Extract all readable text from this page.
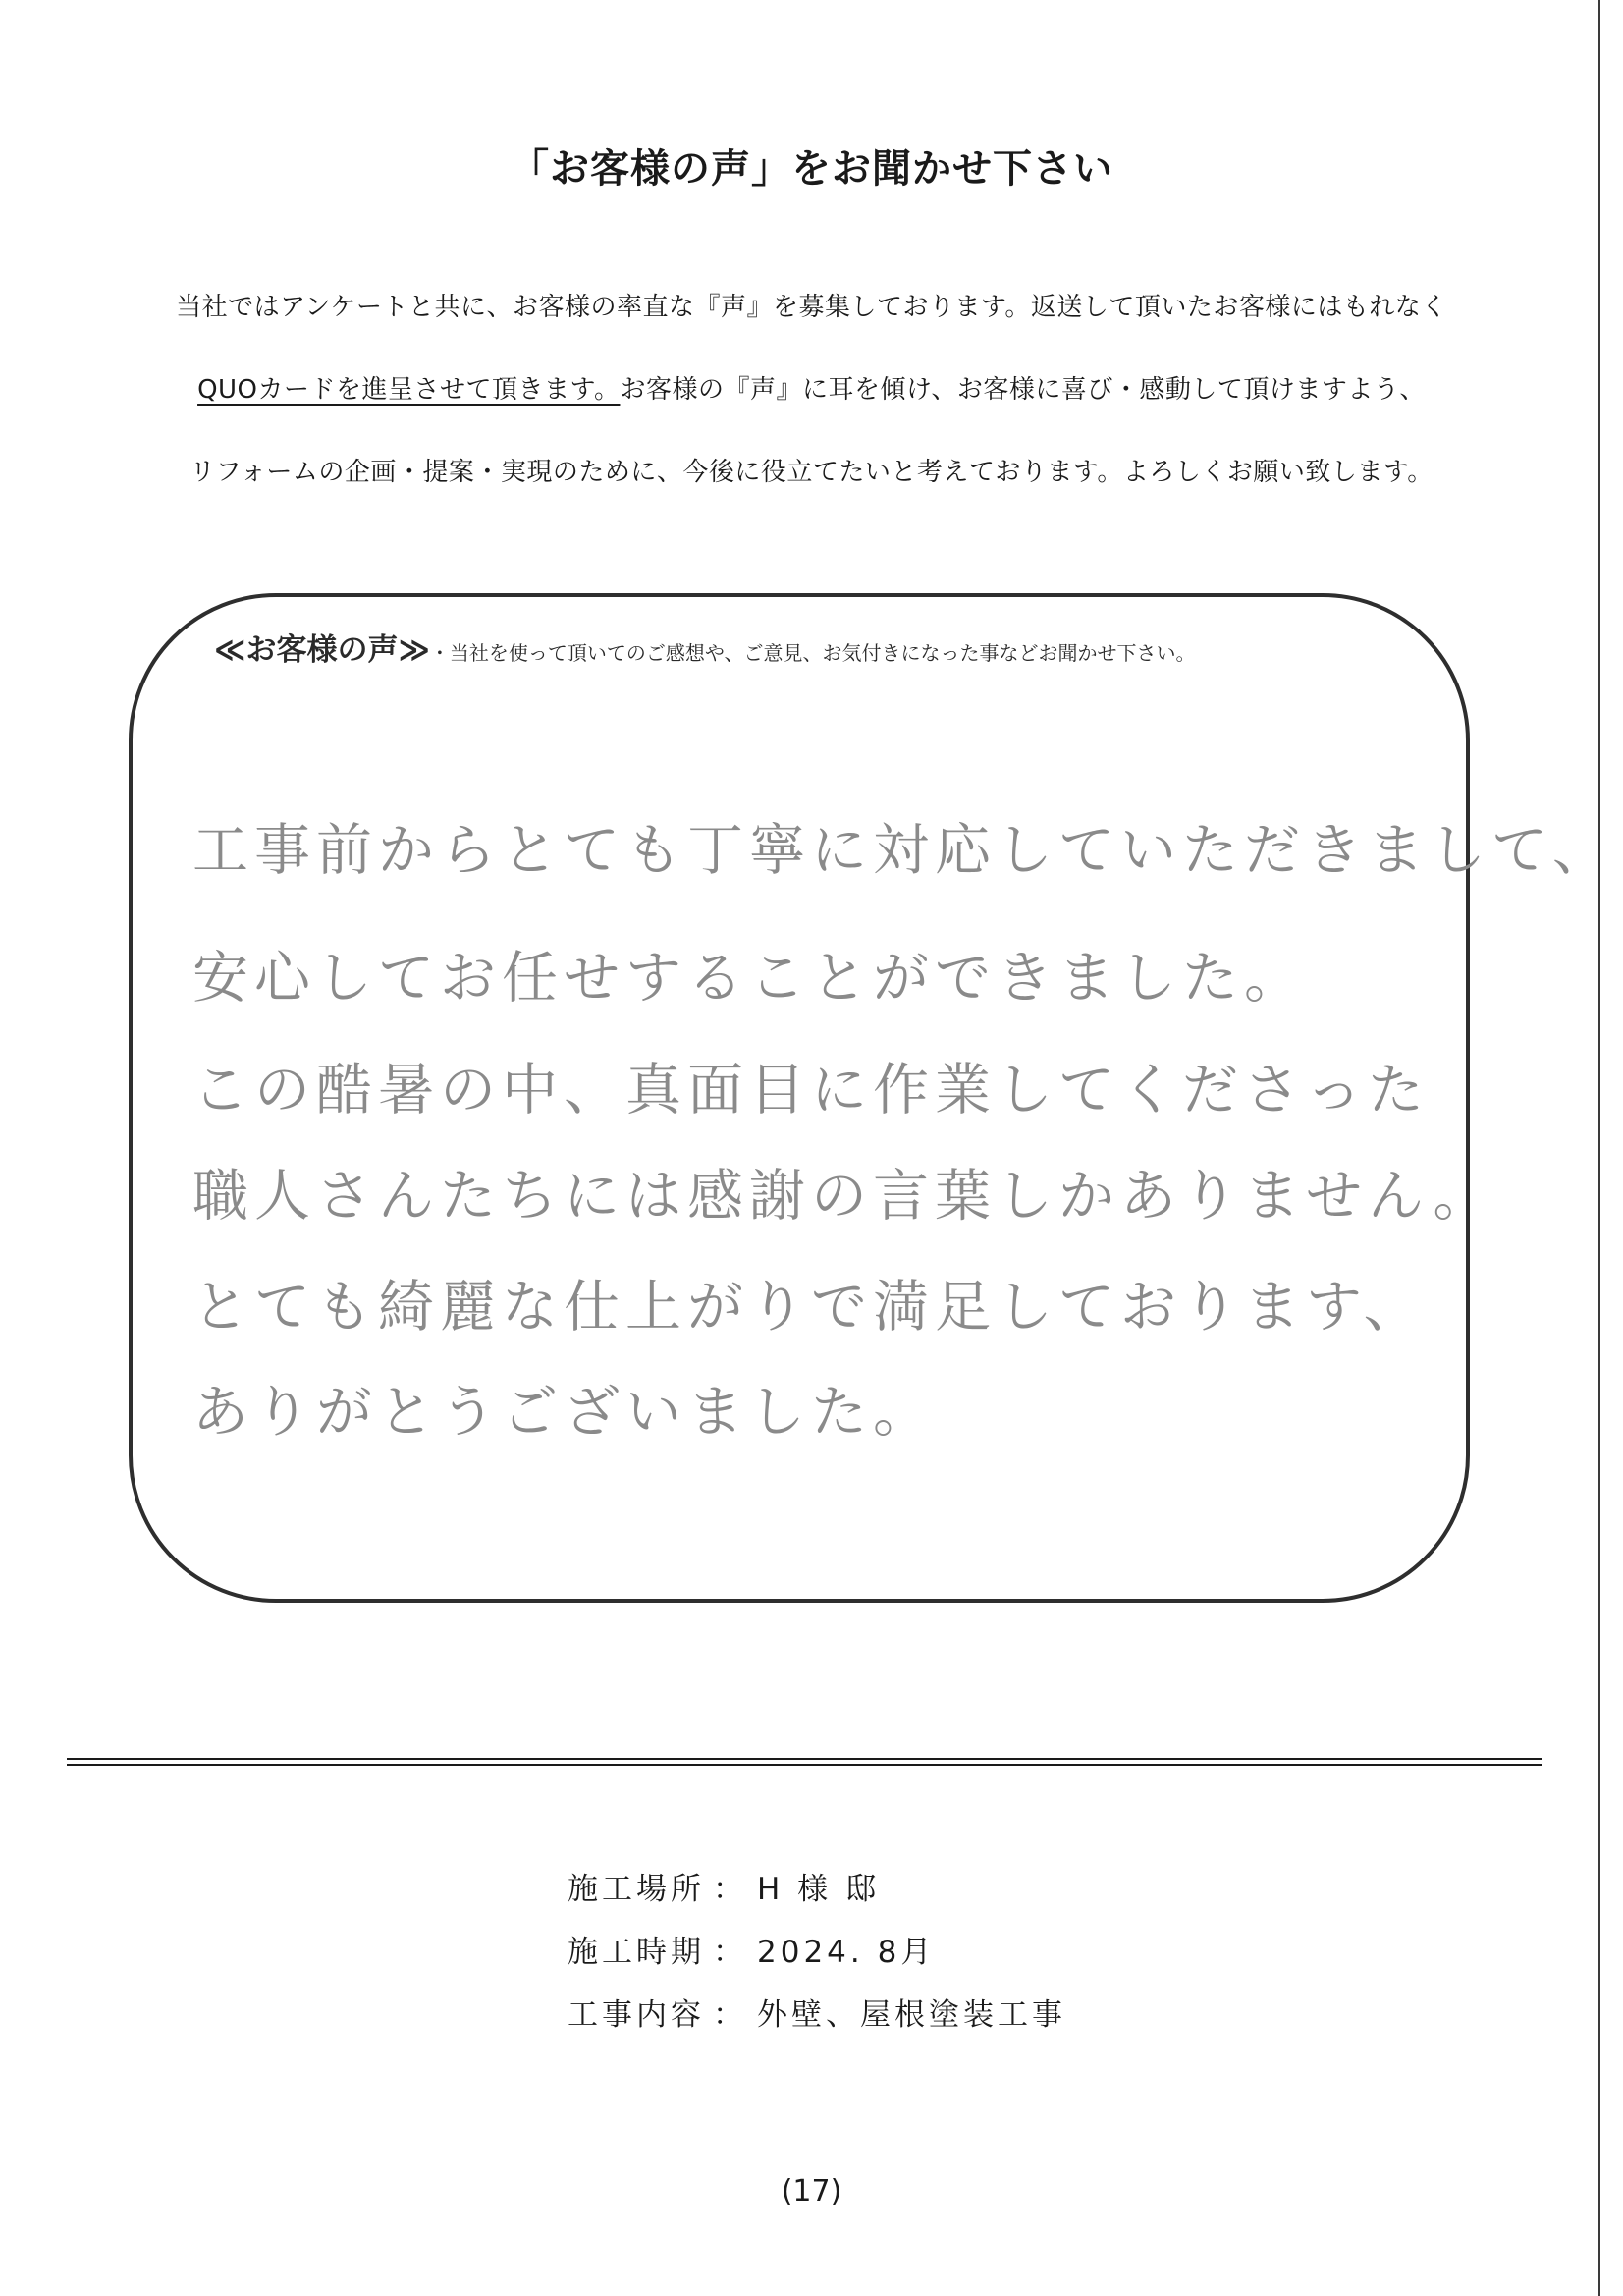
「お客様の声」をお聞かせ下さい
当社ではアンケートと共に、お客様の率直な『声』を募集しております。返送して頂いたお客様にはもれなく
QUOカードを進呈させて頂きます。お客様の『声』に耳を傾け、お客様に喜び・感動して頂けますよう、
リフォームの企画・提案・実現のために、今後に役立てたいと考えております。よろしくお願い致します。
≪お客様の声≫・当社を使って頂いてのご感想や、ご意見、お気付きになった事などお聞かせ下さい。
工事前からとても丁寧に対応していただきまして、
安心してお任せすることができました。
この酷暑の中、真面目に作業してくださった
職人さんたちには感謝の言葉しかありません。
とても綺麗な仕上がりで満足しております、
ありがとうございました。
施工場所	：	H 様 邸
施工時期	：	2024. 8月
工事内容	：	外壁、屋根塗装工事
(17)
